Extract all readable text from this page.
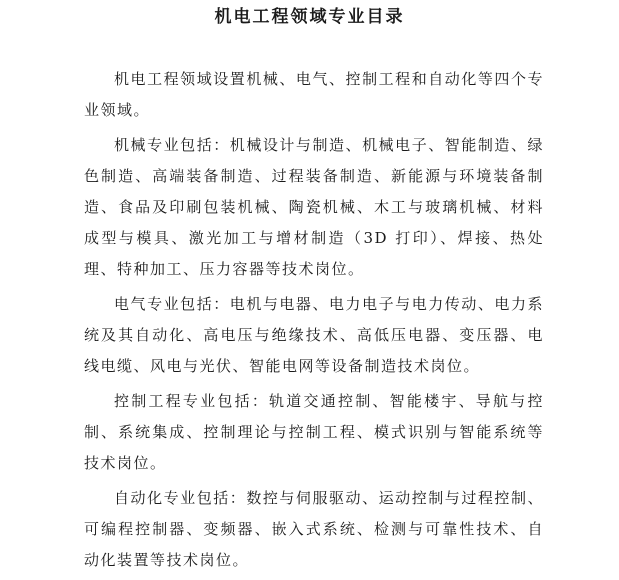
机电工程领域专业目录

机电工程领域设置机械、电气、控制工程和自动化等四个专业领域。

机械专业包括：机械设计与制造、机械电子、智能制造、绿色制造、高端装备制造、过程装备制造、新能源与环境装备制造、食品及印刷包装机械、陶瓷机械、木工与玻璃机械、材料成型与模具、激光加工与增材制造（3D 打印）、焊接、热处理、特种加工、压力容器等技术岗位。

电气专业包括：电机与电器、电力电子与电力传动、电力系统及其自动化、高电压与绝缘技术、高低压电器、变压器、电线电缆、风电与光伏、智能电网等设备制造技术岗位。

控制工程专业包括：轨道交通控制、智能楼宇、导航与控制、系统集成、控制理论与控制工程、模式识别与智能系统等技术岗位。

自动化专业包括：数控与伺服驱动、运动控制与过程控制、可编程控制器、变频器、嵌入式系统、检测与可靠性技术、自动化装置等技术岗位。
